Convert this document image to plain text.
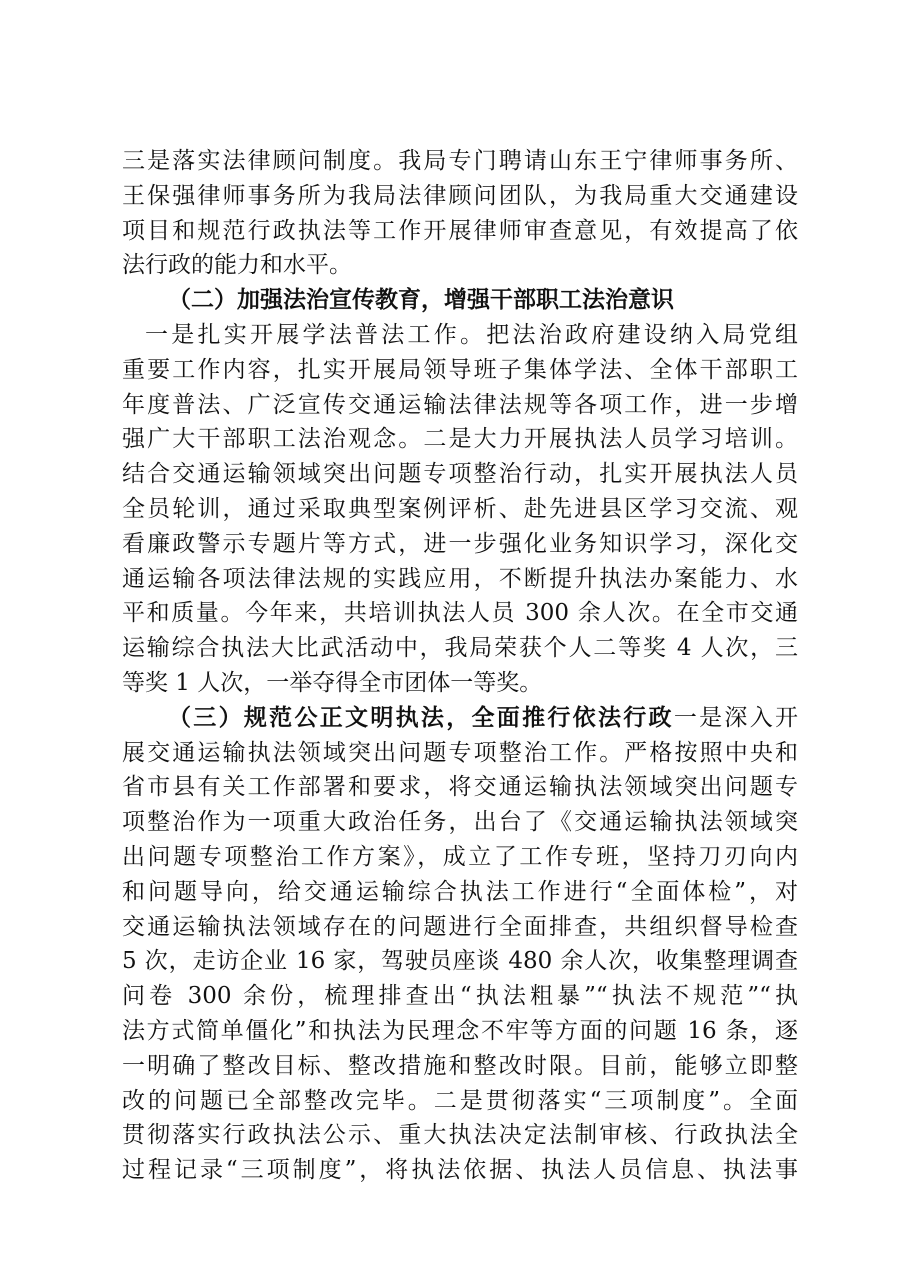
三是落实法律顾问制度。我局专门聘请山东王宁律师事务所、
王保强律师事务所为我局法律顾问团队，为我局重大交通建设
项目和规范行政执法等工作开展律师审查意见，有效提高了依
法行政的能力和水平。
（二）加强法治宣传教育，增强干部职工法治意识
一是扎实开展学法普法工作。把法治政府建设纳入局党组
重要工作内容，扎实开展局领导班子集体学法、全体干部职工
年度普法、广泛宣传交通运输法律法规等各项工作，进一步增
强广大干部职工法治观念。二是大力开展执法人员学习培训。
结合交通运输领域突出问题专项整治行动，扎实开展执法人员
全员轮训，通过采取典型案例评析、赴先进县区学习交流、观
看廉政警示专题片等方式，进一步强化业务知识学习，深化交
通运输各项法律法规的实践应用，不断提升执法办案能力、水
平和质量。今年来，共培训执法人员 300 余人次。在全市交通
运输综合执法大比武活动中，我局荣获个人二等奖 4 人次，三
等奖 1 人次，一举夺得全市团体一等奖。
（三）规范公正文明执法，全面推行依法行政一是深入开
展交通运输执法领域突出问题专项整治工作。严格按照中央和
省市县有关工作部署和要求，将交通运输执法领域突出问题专
项整治作为一项重大政治任务，出台了《交通运输执法领域突
出问题专项整治工作方案》，成立了工作专班，坚持刀刃向内
和问题导向，给交通运输综合执法工作进行“全面体检”，对
交通运输执法领域存在的问题进行全面排查，共组织督导检查
5 次，走访企业 16 家，驾驶员座谈 480 余人次，收集整理调查
问卷 300 余份，梳理排查出“执法粗暴”“执法不规范”“执
法方式简单僵化”和执法为民理念不牢等方面的问题 16 条，逐
一明确了整改目标、整改措施和整改时限。目前，能够立即整
改的问题已全部整改完毕。二是贯彻落实“三项制度”。全面
贯彻落实行政执法公示、重大执法决定法制审核、行政执法全
过程记录“三项制度”，将执法依据、执法人员信息、执法事
